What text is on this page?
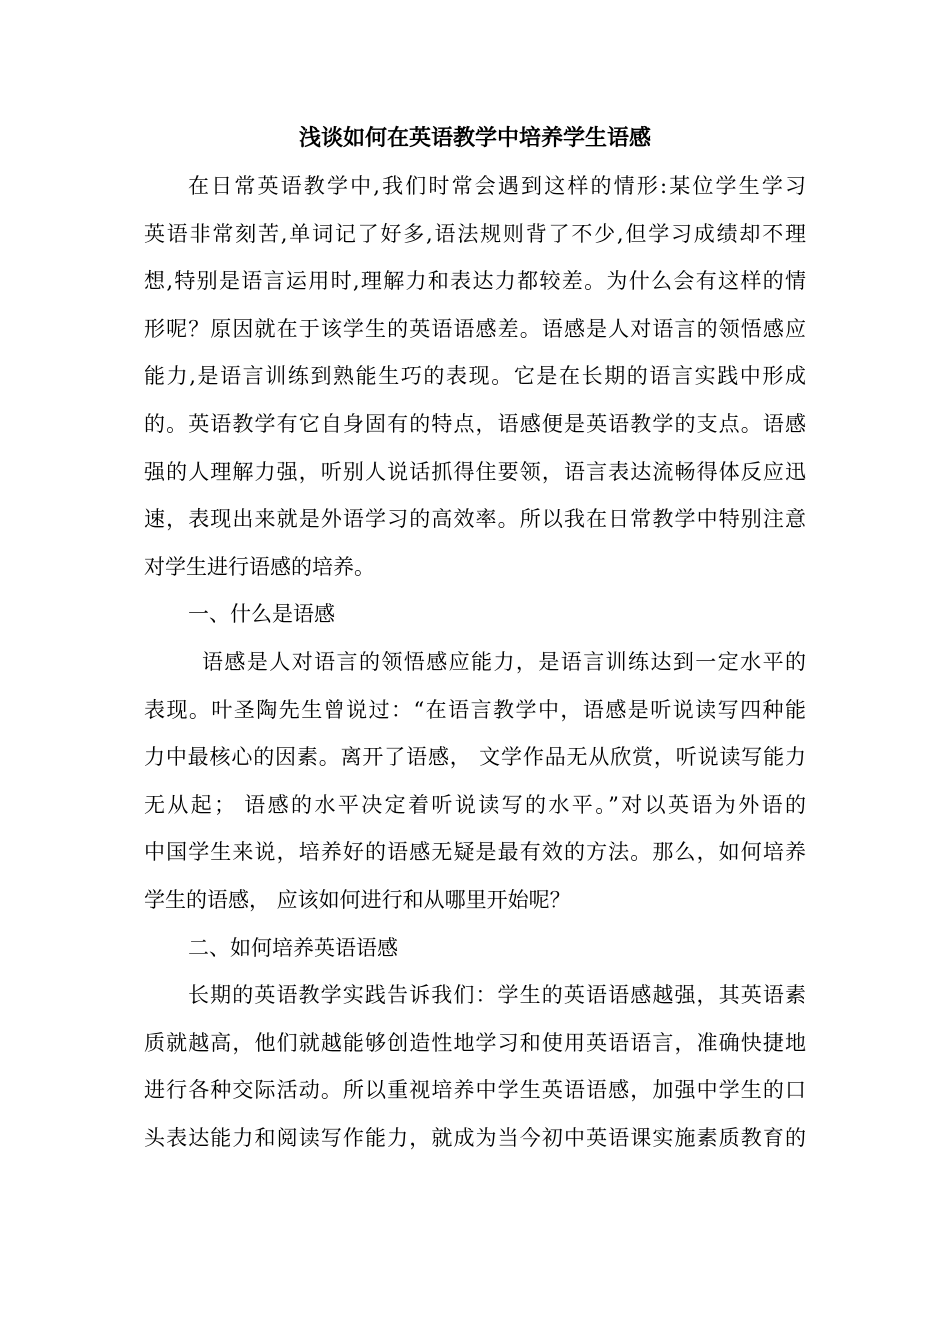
浅谈如何在英语教学中培养学生语感
在日常英语教学中,我们时常会遇到这样的情形:某位学生学习
英语非常刻苦,单词记了好多,语法规则背了不少,但学习成绩却不理
想,特别是语言运用时,理解力和表达力都较差。为什么会有这样的情
形呢？原因就在于该学生的英语语感差。语感是人对语言的领悟感应
能力,是语言训练到熟能生巧的表现。它是在长期的语言实践中形成
的。英语教学有它自身固有的特点，语感便是英语教学的支点。语感
强的人理解力强，听别人说话抓得住要领，语言表达流畅得体反应迅
速，表现出来就是外语学习的高效率。所以我在日常教学中特别注意
对学生进行语感的培养。
一、什么是语感
语感是人对语言的领悟感应能力，是语言训练达到一定水平的
表现。叶圣陶先生曾说过：“在语言教学中，语感是听说读写四种能
力中最核心的因素。离开了语感， 文学作品无从欣赏，听说读写能力
无从起； 语感的水平决定着听说读写的水平。”对以英语为外语的
中国学生来说，培养好的语感无疑是最有效的方法。那么，如何培养
学生的语感， 应该如何进行和从哪里开始呢？
二、如何培养英语语感
长期的英语教学实践告诉我们：学生的英语语感越强，其英语素
质就越高，他们就越能够创造性地学习和使用英语语言，准确快捷地
进行各种交际活动。所以重视培养中学生英语语感，加强中学生的口
头表达能力和阅读写作能力，就成为当今初中英语课实施素质教育的
